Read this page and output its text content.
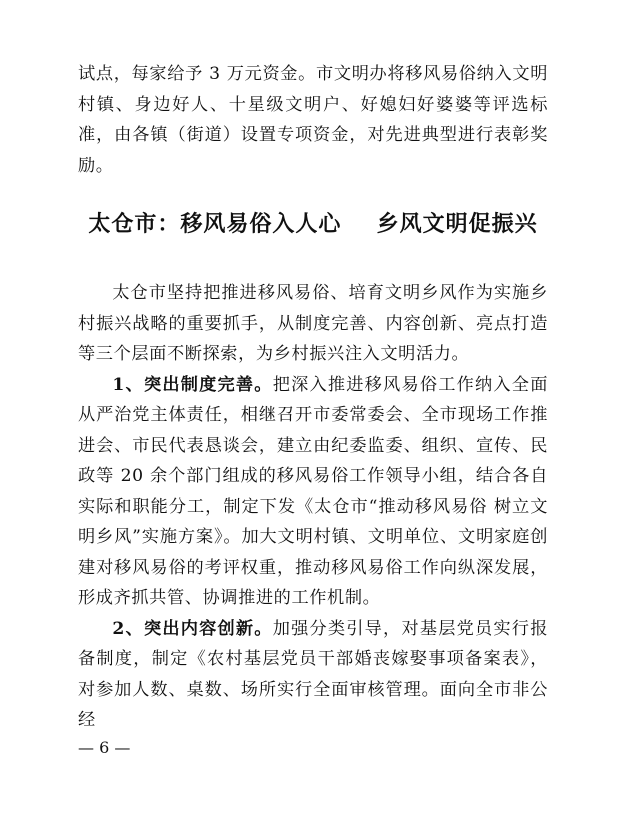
试点，每家给予 3 万元资金。市文明办将移风易俗纳入文明村镇、身边好人、十星级文明户、好媳妇好婆婆等评选标准，由各镇（街道）设置专项资金，对先进典型进行表彰奖励。

太仓市：移风易俗入人心 乡风文明促振兴

太仓市坚持把推进移风易俗、培育文明乡风作为实施乡村振兴战略的重要抓手，从制度完善、内容创新、亮点打造等三个层面不断探索，为乡村振兴注入文明活力。

1、突出制度完善。把深入推进移风易俗工作纳入全面从严治党主体责任，相继召开市委常委会、全市现场工作推进会、市民代表恳谈会，建立由纪委监委、组织、宣传、民政等 20 余个部门组成的移风易俗工作领导小组，结合各自实际和职能分工，制定下发《太仓市“推动移风易俗 树立文明乡风”实施方案》。加大文明村镇、文明单位、文明家庭创建对移风易俗的考评权重，推动移风易俗工作向纵深发展，形成齐抓共管、协调推进的工作机制。

2、突出内容创新。加强分类引导，对基层党员实行报备制度，制定《农村基层党员干部婚丧嫁娶事项备案表》，对参加人数、桌数、场所实行全面审核管理。面向全市非公经

— 6 —
